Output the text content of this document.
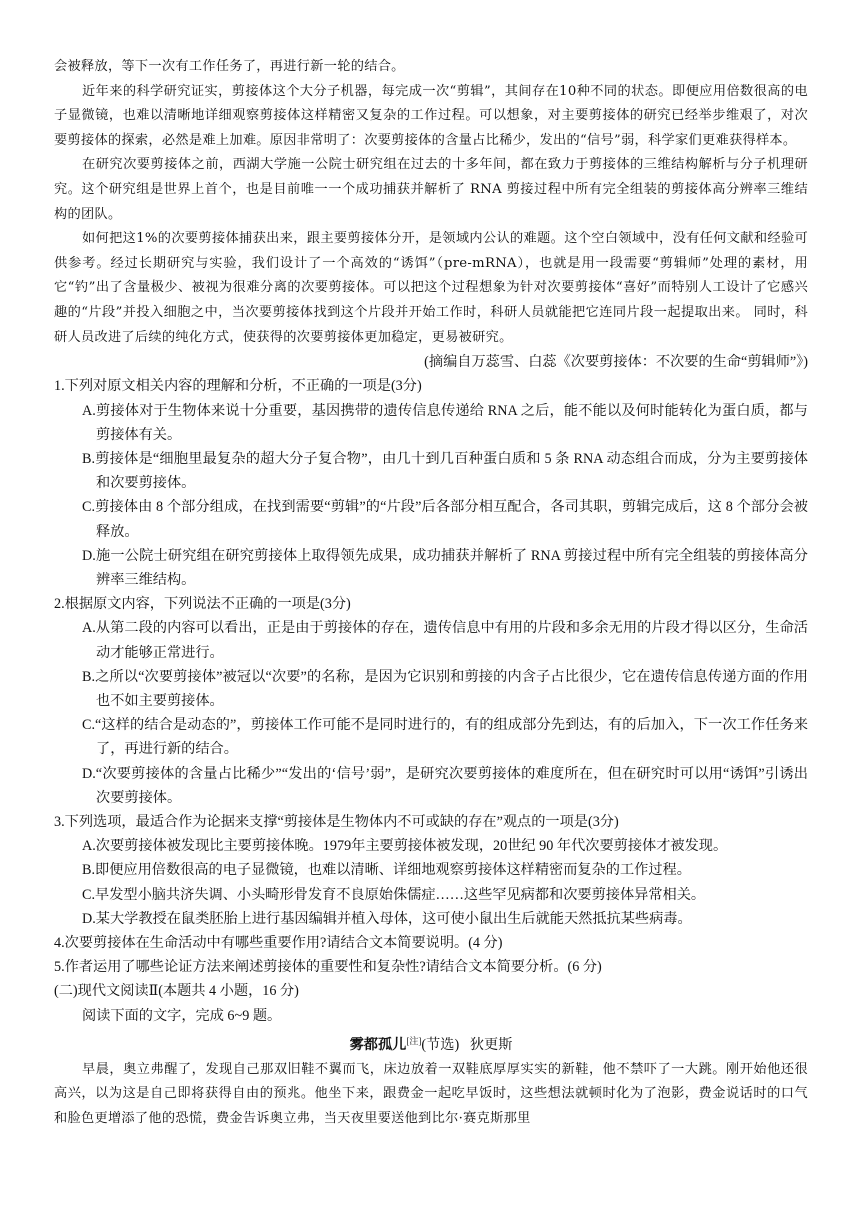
会被释放，等下一次有工作任务了，再进行新一轮的结合。

近年来的科学研究证实，剪接体这个大分子机器，每完成一次“剪辑”，其间存在10种不同的状态。即便应用倍数很高的电子显微镜，也难以清晰地详细观察剪接体这样精密又复杂的工作过程。可以想象，对主要剪接体的研究已经举步维艰了，对次要剪接体的探索，必然是难上加难。原因非常明了：次要剪接体的含量占比稀少，发出的“信号”弱，科学家们更难获得样本。

在研究次要剪接体之前，西湖大学施一公院士研究组在过去的十多年间，都在致力于剪接体的三维结构解析与分子机理研究。这个研究组是世界上首个，也是目前唯一一个成功捕获并解析了 RNA 剪接过程中所有完全组装的剪接体高分辨率三维结构的团队。

如何把这1%的次要剪接体捕获出来，跟主要剪接体分开，是领域内公认的难题。这个空白领域中，没有任何文献和经验可供参考。经过长期研究与实验，我们设计了一个高效的“诱饵”（pre-mRNA），也就是用一段需要“剪辑师”处理的素材，用它“钓”出了含量极少、被视为很难分离的次要剪接体。可以把这个过程想象为针对次要剪接体“喜好”而特别人工设计了它感兴趣的“片段”并投入细胞之中，当次要剪接体找到这个片段并开始工作时，科研人员就能把它连同片段一起提取出来。 同时，科研人员改进了后续的纯化方式，使获得的次要剪接体更加稳定，更易被研究。

(摘编自万蕊雪、白蕊《次要剪接体：不次要的生命“剪辑师”》)

1.下列对原文相关内容的理解和分析，不正确的一项是(3分)

A.剪接体对于生物体来说十分重要，基因携带的遗传信息传递给 RNA 之后，能不能以及何时能转化为蛋白质，都与剪接体有关。

B.剪接体是“细胞里最复杂的超大分子复合物”，由几十到几百种蛋白质和 5 条 RNA 动态组合而成，分为主要剪接体和次要剪接体。

C.剪接体由 8 个部分组成，在找到需要“剪辑”的“片段”后各部分相互配合，各司其职，剪辑完成后，这 8 个部分会被释放。

D.施一公院士研究组在研究剪接体上取得领先成果，成功捕获并解析了 RNA 剪接过程中所有完全组装的剪接体高分辨率三维结构。

2.根据原文内容，下列说法不正确的一项是(3分)

A.从第二段的内容可以看出，正是由于剪接体的存在，遗传信息中有用的片段和多余无用的片段才得以区分，生命活动才能够正常进行。

B.之所以“次要剪接体”被冠以“次要”的名称，是因为它识别和剪接的内含子占比很少，它在遗传信息传递方面的作用也不如主要剪接体。

C.“这样的结合是动态的”，剪接体工作可能不是同时进行的，有的组成部分先到达，有的后加入，下一次工作任务来了，再进行新的结合。

D.“次要剪接体的含量占比稀少”“发出的‘信号’弱”，是研究次要剪接体的难度所在，但在研究时可以用“诱饵”引诱出次要剪接体。

3.下列选项，最适合作为论据来支撑“剪接体是生物体内不可或缺的存在”观点的一项是(3分)

A.次要剪接体被发现比主要剪接体晚。1979年主要剪接体被发现，20世纪 90 年代次要剪接体才被发现。

B.即便应用倍数很高的电子显微镜，也难以清晰、详细地观察剪接体这样精密而复杂的工作过程。

C.早发型小脑共济失调、小头畸形骨发育不良原始侏儒症……这些罕见病都和次要剪接体异常相关。

D.某大学教授在鼠类胚胎上进行基因编辑并植入母体，这可使小鼠出生后就能天然抵抗某些病毒。

4.次要剪接体在生命活动中有哪些重要作用?请结合文本简要说明。(4 分)

5.作者运用了哪些论证方法来阐述剪接体的重要性和复杂性?请结合文本简要分析。(6 分)

(二)现代文阅读Ⅱ(本题共 4 小题，16 分)

阅读下面的文字，完成 6~9 题。

雾都孤儿[注](节选) 狄更斯

早晨，奥立弗醒了，发现自己那双旧鞋不翼而飞，床边放着一双鞋底厚厚实实的新鞋，他不禁吓了一大跳。刚开始他还很高兴，以为这是自己即将获得自由的预兆。他坐下来，跟费金一起吃早饭时，这些想法就顿时化为了泡影，费金说话时的口气和脸色更增添了他的恐慌，费金告诉奥立弗，当天夜里要送他到比尔·赛克斯那里
